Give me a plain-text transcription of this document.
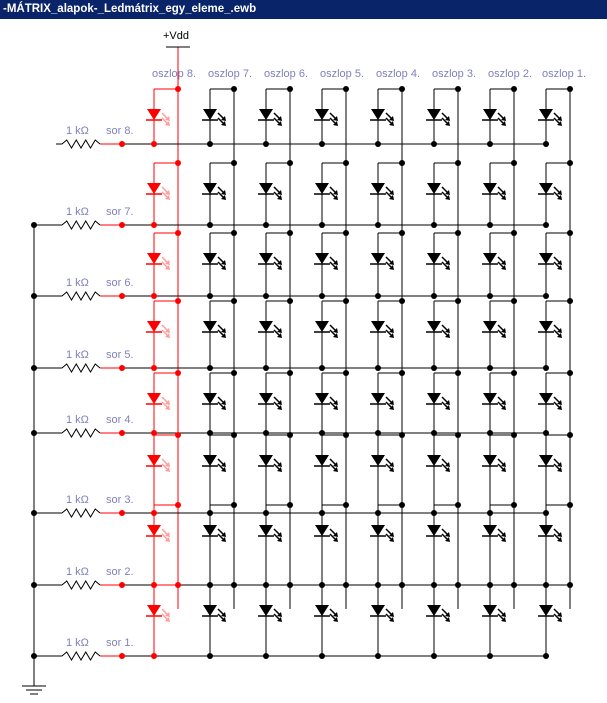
-MÁTRIX_alapok-_Ledmátrix_egy_eleme_.ewb
+Vdd
1 kΩ sor 8.
1 kΩ sor 7.
1 kΩ sor 6.
1 kΩ sor 5.
1 kΩ sor 4.
1 kΩ sor 3.
1 kΩ sor 2.
1 kΩ sor 1.
oszlop 8. oszlop 7. oszlop 6. oszlop 5. oszlop 4. oszlop 3. oszlop 2. oszlop 1.
